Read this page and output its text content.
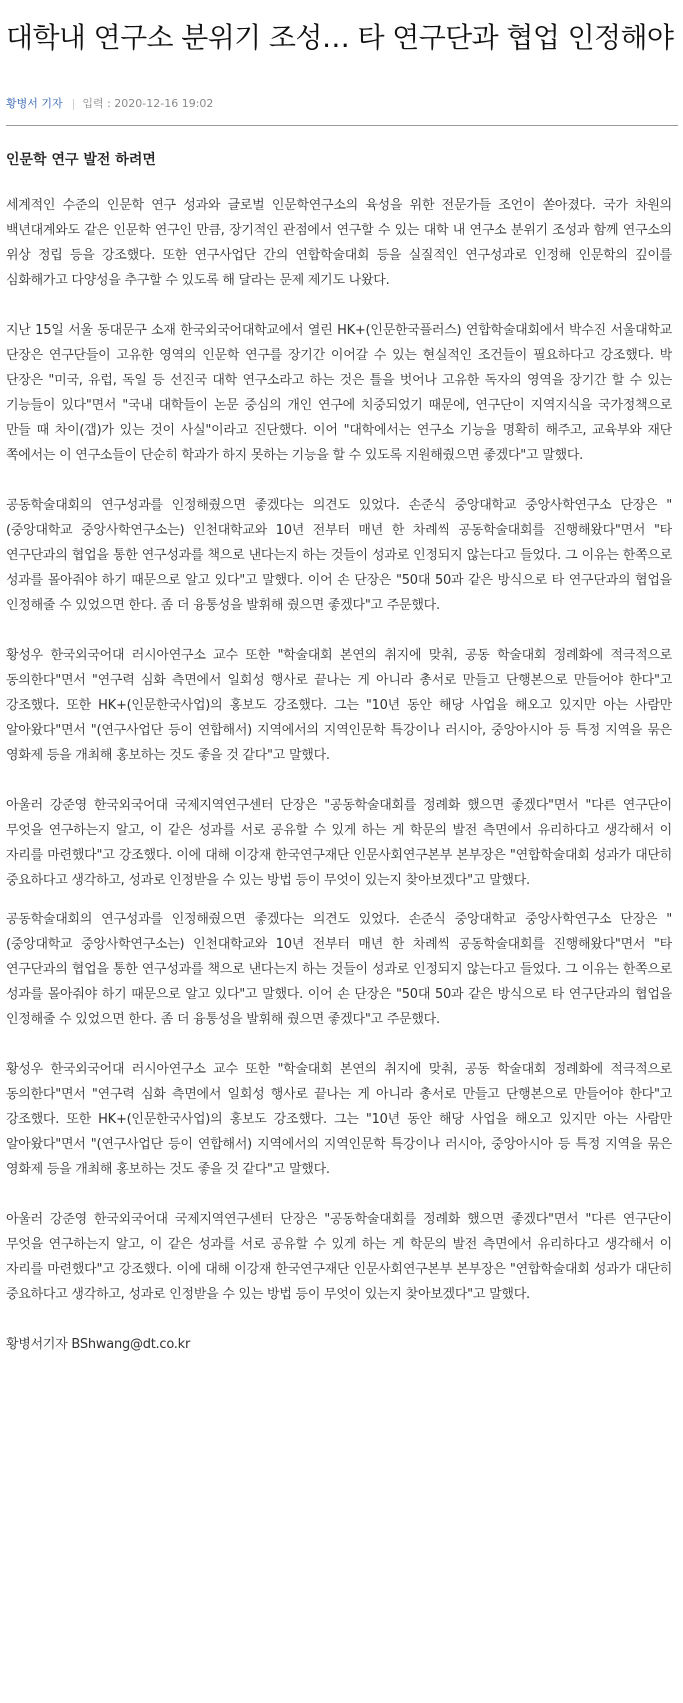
대학내 연구소 분위기 조성… 타 연구단과 협업 인정해야
황병서 기자 | 입력 : 2020-12-16 19:02
인문학 연구 발전 하려면

세계적인 수준의 인문학 연구 성과와 글로벌 인문학연구소의 육성을 위한 전문가들 조언이 쏟아졌다. 국가 차원의 백년대계와도 같은 인문학 연구인 만큼, 장기적인 관점에서 연구할 수 있는 대학 내 연구소 분위기 조성과 함께 연구소의 위상 정립 등을 강조했다. 또한 연구사업단 간의 연합학술대회 등을 실질적인 연구성과로 인정해 인문학의 깊이를 심화해가고 다양성을 추구할 수 있도록 해 달라는 문제 제기도 나왔다.

지난 15일 서울 동대문구 소재 한국외국어대학교에서 열린 HK+(인문한국플러스) 연합학술대회에서 박수진 서울대학교 단장은 연구단들이 고유한 영역의 인문학 연구를 장기간 이어갈 수 있는 현실적인 조건들이 필요하다고 강조했다. 박 단장은 "미국, 유럽, 독일 등 선진국 대학 연구소라고 하는 것은 틀을 벗어나 고유한 독자의 영역을 장기간 할 수 있는 기능들이 있다"면서 "국내 대학들이 논문 중심의 개인 연구에 치중되었기 때문에, 연구단이 지역지식을 국가정책으로 만들 때 차이(갭)가 있는 것이 사실"이라고 진단했다. 이어 "대학에서는 연구소 기능을 명확히 해주고, 교육부와 재단 쪽에서는 이 연구소들이 단순히 학과가 하지 못하는 기능을 할 수 있도록 지원해줬으면 좋겠다"고 말했다.

공동학술대회의 연구성과를 인정해줬으면 좋겠다는 의견도 있었다. 손준식 중앙대학교 중앙사학연구소 단장은 "(중앙대학교 중앙사학연구소는) 인천대학교와 10년 전부터 매년 한 차례씩 공동학술대회를 진행해왔다"면서 "타 연구단과의 협업을 통한 연구성과를 책으로 낸다는지 하는 것들이 성과로 인정되지 않는다고 들었다. 그 이유는 한쪽으로 성과를 몰아줘야 하기 때문으로 알고 있다"고 말했다. 이어 손 단장은 "50대 50과 같은 방식으로 타 연구단과의 협업을 인정해줄 수 있었으면 한다. 좀 더 융통성을 발휘해 줬으면 좋겠다"고 주문했다.

황성우 한국외국어대 러시아연구소 교수 또한 "학술대회 본연의 취지에 맞춰, 공동 학술대회 정례화에 적극적으로 동의한다"면서 "연구력 심화 측면에서 일회성 행사로 끝나는 게 아니라 총서로 만들고 단행본으로 만들어야 한다"고 강조했다. 또한 HK+(인문한국사업)의 홍보도 강조했다. 그는 "10년 동안 해당 사업을 해오고 있지만 아는 사람만 알아왔다"면서 "(연구사업단 등이 연합해서) 지역에서의 지역인문학 특강이나 러시아, 중앙아시아 등 특정 지역을 묶은 영화제 등을 개최해 홍보하는 것도 좋을 것 같다"고 말했다.

아울러 강준영 한국외국어대 국제지역연구센터 단장은 "공동학술대회를 정례화 했으면 좋겠다"면서 "다른 연구단이 무엇을 연구하는지 알고, 이 같은 성과를 서로 공유할 수 있게 하는 게 학문의 발전 측면에서 유리하다고 생각해서 이 자리를 마련했다"고 강조했다. 이에 대해 이강재 한국연구재단 인문사회연구본부 본부장은 "연합학술대회 성과가 대단히 중요하다고 생각하고, 성과로 인정받을 수 있는 방법 등이 무엇이 있는지 찾아보겠다"고 말했다.

공동학술대회의 연구성과를 인정해줬으면 좋겠다는 의견도 있었다. 손준식 중앙대학교 중앙사학연구소 단장은 "(중앙대학교 중앙사학연구소는) 인천대학교와 10년 전부터 매년 한 차례씩 공동학술대회를 진행해왔다"면서 "타 연구단과의 협업을 통한 연구성과를 책으로 낸다는지 하는 것들이 성과로 인정되지 않는다고 들었다. 그 이유는 한쪽으로 성과를 몰아줘야 하기 때문으로 알고 있다"고 말했다. 이어 손 단장은 "50대 50과 같은 방식으로 타 연구단과의 협업을 인정해줄 수 있었으면 한다. 좀 더 융통성을 발휘해 줬으면 좋겠다"고 주문했다.

황성우 한국외국어대 러시아연구소 교수 또한 "학술대회 본연의 취지에 맞춰, 공동 학술대회 정례화에 적극적으로 동의한다"면서 "연구력 심화 측면에서 일회성 행사로 끝나는 게 아니라 총서로 만들고 단행본으로 만들어야 한다"고 강조했다. 또한 HK+(인문한국사업)의 홍보도 강조했다. 그는 "10년 동안 해당 사업을 해오고 있지만 아는 사람만 알아왔다"면서 "(연구사업단 등이 연합해서) 지역에서의 지역인문학 특강이나 러시아, 중앙아시아 등 특정 지역을 묶은 영화제 등을 개최해 홍보하는 것도 좋을 것 같다"고 말했다.

아울러 강준영 한국외국어대 국제지역연구센터 단장은 "공동학술대회를 정례화 했으면 좋겠다"면서 "다른 연구단이 무엇을 연구하는지 알고, 이 같은 성과를 서로 공유할 수 있게 하는 게 학문의 발전 측면에서 유리하다고 생각해서 이 자리를 마련했다"고 강조했다. 이에 대해 이강재 한국연구재단 인문사회연구본부 본부장은 "연합학술대회 성과가 대단히 중요하다고 생각하고, 성과로 인정받을 수 있는 방법 등이 무엇이 있는지 찾아보겠다"고 말했다.

황병서기자 BShwang@dt.co.kr
